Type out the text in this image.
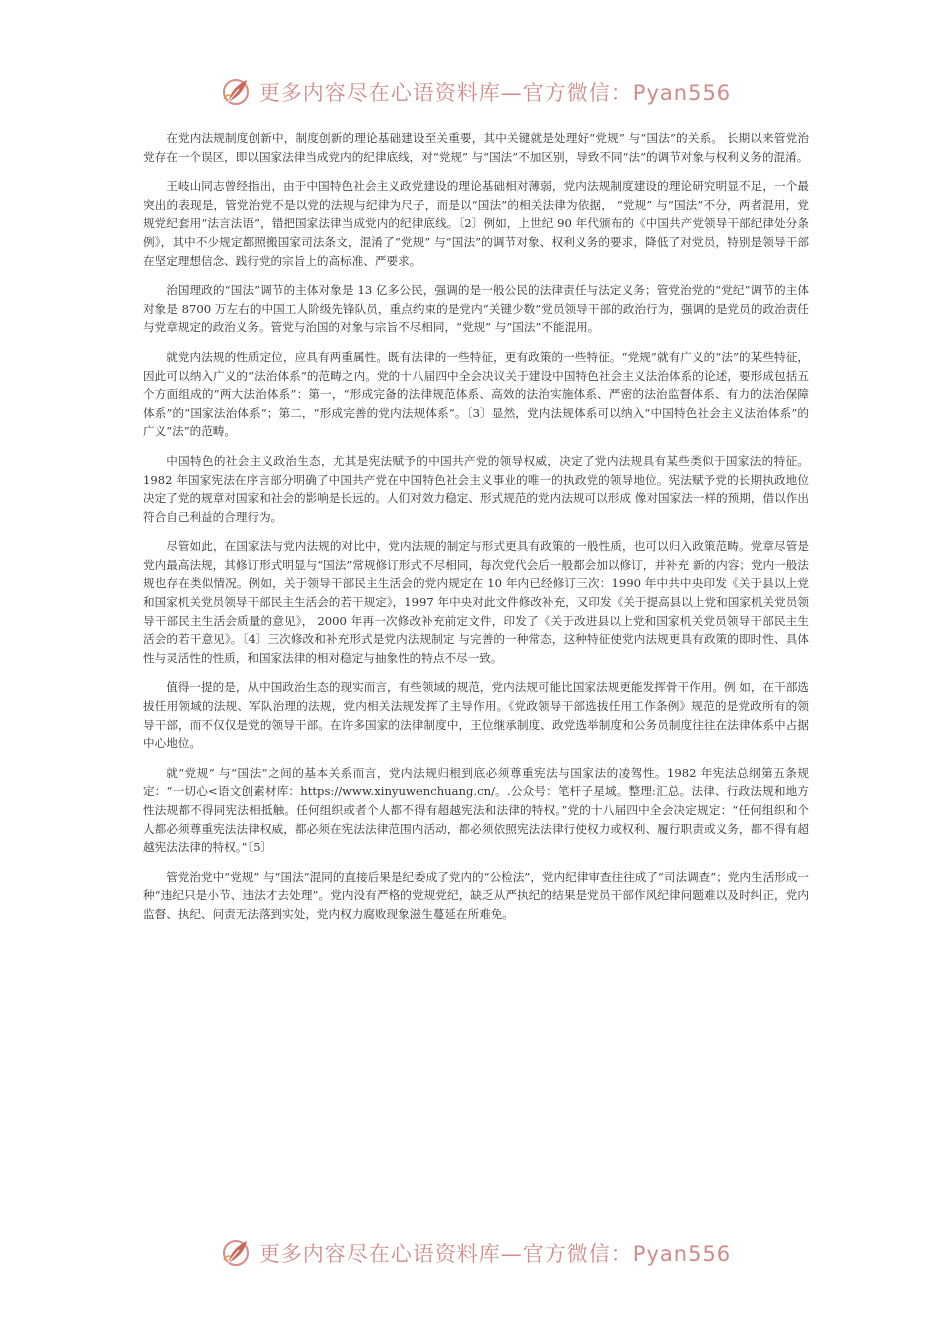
更多内容尽在心语资料库—官方微信：Pyan556

在党内法规制度创新中，制度创新的理论基础建设至关重要，其中关键就是处理好“党规” 与“国法”的关系。 长期以来管党治党存在一个误区，即以国家法律当成党内的纪律底线，对“党规” 与“国法”不加区别，导致不同“法”的调节对象与权利义务的混淆。

王岐山同志曾经指出，由于中国特色社会主义政党建设的理论基础相对薄弱，党内法规制度建设的理论研究明显不足，一个最突出的表现是，管党治党不是以党的法规与纪律为尺子，而是以“国法”的相关法律为依据， “党规” 与“国法”不分，两者混用，党规党纪套用“法言法语”，错把国家法律当成党内的纪律底线。〔2〕例如，上世纪 90 年代颁布的《中国共产党领导干部纪律处分条例》，其中不少规定都照搬国家司法条文，混淆了“党规” 与“国法”的调节对象、权利义务的要求，降低了对党员，特别是领导干部在坚定理想信念、践行党的宗旨上的高标准、严要求。

治国理政的“国法”调节的主体对象是 13 亿多公民，强调的是一般公民的法律责任与法定义务；管党治党的“党纪”调节的主体对象是 8700 万左右的中国工人阶级先锋队员，重点约束的是党内“关键少数”党员领导干部的政治行为，强调的是党员的政治责任与党章规定的政治义务。管党与治国的对象与宗旨不尽相同，“党规” 与“国法”不能混用。

就党内法规的性质定位，应具有两重属性。既有法律的一些特征，更有政策的一些特征。“党规”就有广义的“法”的某些特征，因此可以纳入广义的“法治体系”的范畴之内。党的十八届四中全会决议关于建设中国特色社会主义法治体系的论述，要形成包括五个方面组成的“两大法治体系”：第一，“形成完备的法律规范体系、高效的法治实施体系、严密的法治监督体系、有力的法治保障体系”的“国家法治体系”；第二，“形成完善的党内法规体系”。〔3〕显然，党内法规体系可以纳入“中国特色社会主义法治体系”的广义“法”的范畴。

中国特色的社会主义政治生态，尤其是宪法赋予的中国共产党的领导权威，决定了党内法规具有某些类似于国家法的特征。1982 年国家宪法在序言部分明确了中国共产党在中国特色社会主义事业的唯一的执政党的领导地位。宪法赋予党的长期执政地位决定了党的规章对国家和社会的影响是长远的。人们对效力稳定、形式规范的党内法规可以形成 像对国家法一样的预期，借以作出符合自己利益的合理行为。

尽管如此，在国家法与党内法规的对比中，党内法规的制定与形式更具有政策的一般性质，也可以归入政策范畴。党章尽管是党内最高法规，其修订形式明显与“国法”常规修订形式不尽相同，每次党代会后一般都会加以修订，并补充 新的内容；党内一般法规也存在类似情况。例如，关于领导干部民主生活会的党内规定在 10 年内已经修订三次：1990 年中共中央印发《关于县以上党和国家机关党员领导干部民主生活会的若干规定》，1997 年中央对此文件修改补充，又印发《关于提高县以上党和国家机关党员领导干部民主生活会质量的意见》， 2000 年再一次修改补充前定文件，印发了《关于改进县以上党和国家机关党员领导干部民主生活会的若干意见》。〔4〕三次修改和补充形式是党内法规制定 与完善的一种常态，这种特征使党内法规更具有政策的即时性、具体性与灵活性的性质，和国家法律的相对稳定与抽象性的特点不尽一致。

值得一提的是，从中国政治生态的现实而言，有些领域的规范，党内法规可能比国家法规更能发挥骨干作用。例 如，在干部选拔任用领域的法规、军队治理的法规，党内相关法规发挥了主导作用。《党政领导干部选拔任用工作条例》规范的是党政所有的领导干部，而不仅仅是党的领导干部。在许多国家的法律制度中，王位继承制度、政党选举制度和公务员制度往往在法律体系中占据中心地位。

就“党规” 与“国法”之间的基本关系而言，党内法规归根到底必须尊重宪法与国家法的凌驾性。1982 年宪法总纲第五条规定：“一切心<语文创素材库：https://www.xinyuwenchuang.cn/。.公众号：笔杆子星域。整理:汇总。法律、行政法规和地方性法规都不得同宪法相抵触。任何组织或者个人都不得有超越宪法和法律的特权。”党的十八届四中全会决定规定：“任何组织和个人都必须尊重宪法法律权威，都必须在宪法法律范围内活动，都必须依照宪法法律行使权力或权利、履行职责或义务，都不得有超越宪法法律的特权。”〔5〕

管党治党中“党规” 与“国法”混同的直接后果是纪委成了党内的“公检法”，党内纪律审查往往成了“司法调查”；党内生活形成一种“违纪只是小节、违法才去处理”。党内没有严格的党规党纪，缺乏从严执纪的结果是党员干部作风纪律问题难以及时纠正，党内监督、执纪、问责无法落到实处，党内权力腐败现象滋生蔓延在所难免。

更多内容尽在心语资料库—官方微信：Pyan556
